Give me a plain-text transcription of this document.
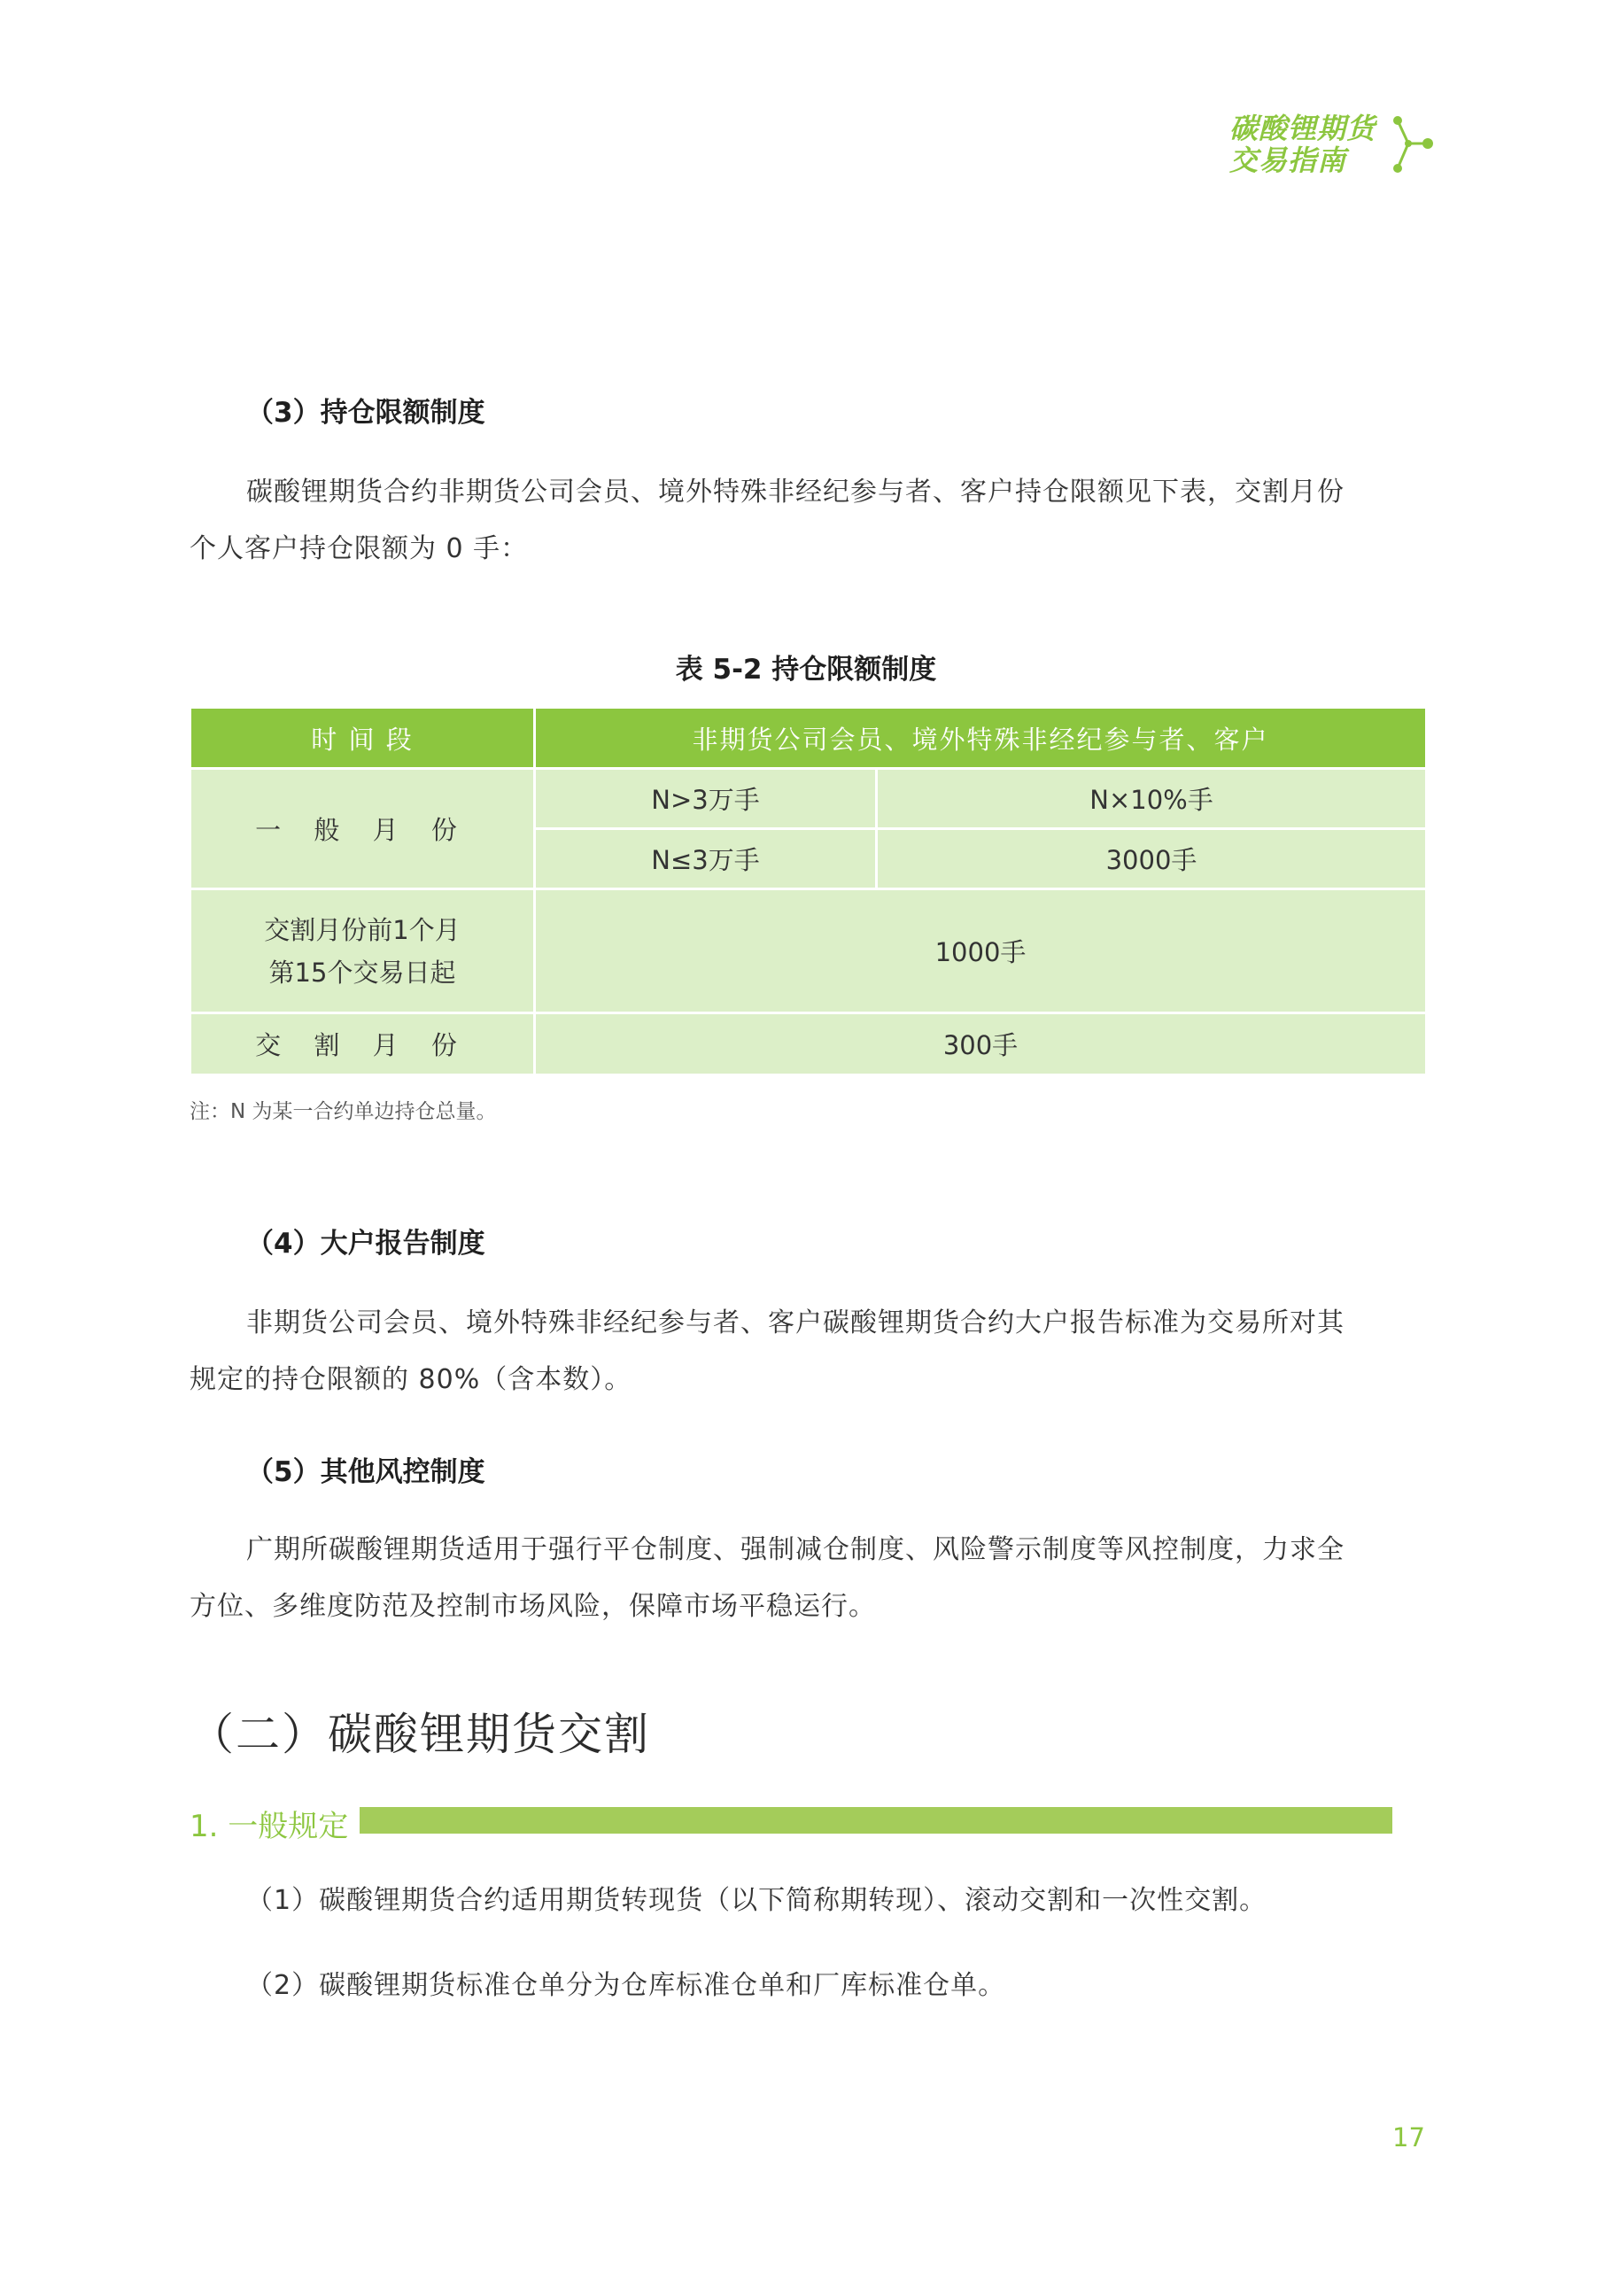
碳酸锂期货
交易指南
（3）持仓限额制度
碳酸锂期货合约非期货公司会员、境外特殊非经纪参与者、客户持仓限额见下表，交割月份
个人客户持仓限额为 0 手：
表 5-2 持仓限额制度
时 间 段	非期货公司会员、境外特殊非经纪参与者、客户	
一 般 月 份	N>3万手	N×10%手
	N≤3万手	3000手

交割月份前1个月
第15个交易日起	1000手	
交 割 月 份	300手	
注：N 为某一合约单边持仓总量。
（4）大户报告制度
非期货公司会员、境外特殊非经纪参与者、客户碳酸锂期货合约大户报告标准为交易所对其
规定的持仓限额的 80%（含本数）。
（5）其他风控制度
广期所碳酸锂期货适用于强行平仓制度、强制减仓制度、风险警示制度等风控制度，力求全
方位、多维度防范及控制市场风险，保障市场平稳运行。
（二）碳酸锂期货交割
1. 一般规定
（1）碳酸锂期货合约适用期货转现货（以下简称期转现）、滚动交割和一次性交割。
（2）碳酸锂期货标准仓单分为仓库标准仓单和厂库标准仓单。
17
